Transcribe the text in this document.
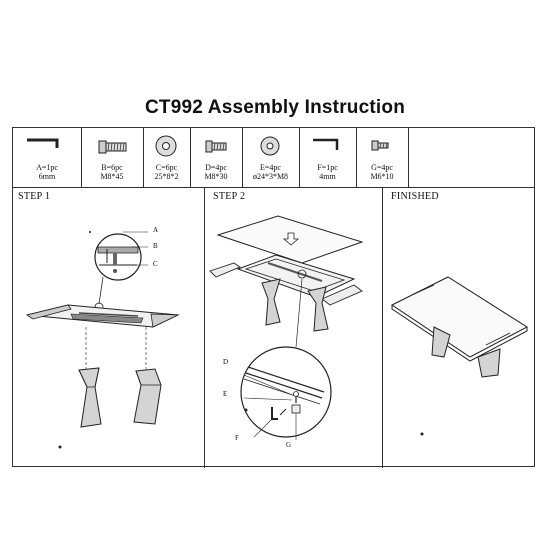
CT992 Assembly Instruction
A=1pc
6mm
B=6pc
M8*45
C=6pc
25*8*2
D=4pc
M8*30
E=4pc
ø24*3*M8
F=1pc
4mm
G=4pc
M6*10
STEP 1	STEP 2	FINISHED
A
B
C
D
E
F
G
